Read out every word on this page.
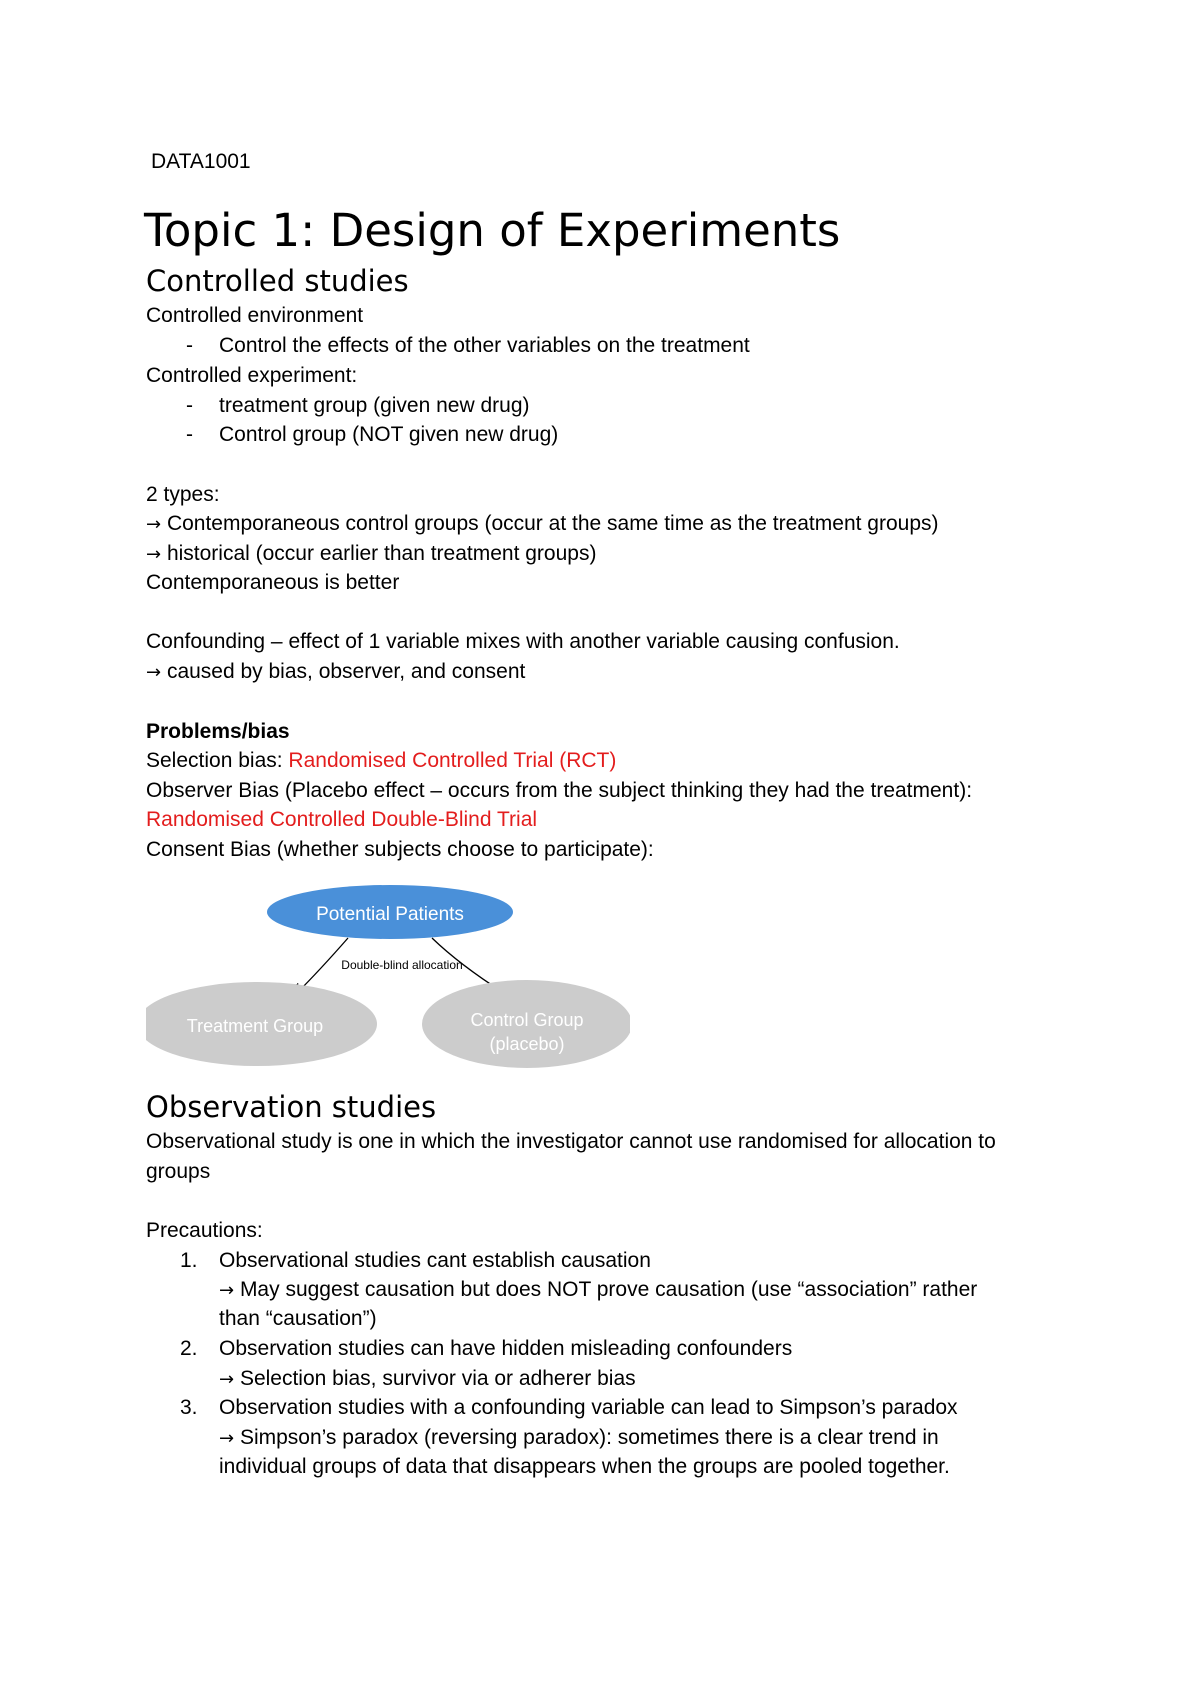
DATA1001
Topic 1: Design of Experiments
Controlled studies
Controlled environment
- Control the effects of the other variables on the treatment
Controlled experiment:
- treatment group (given new drug)
- Control group (NOT given new drug)
2 types:
→ Contemporaneous control groups (occur at the same time as the treatment groups)
→ historical (occur earlier than treatment groups)
Contemporaneous is better
Confounding – effect of 1 variable mixes with another variable causing confusion.
→ caused by bias, observer, and consent
Problems/bias
Selection bias: Randomised Controlled Trial (RCT)
Observer Bias (Placebo effect – occurs from the subject thinking they had the treatment):
Randomised Controlled Double-Blind Trial
Consent Bias (whether subjects choose to participate):
Potential Patients
Double-blind allocation
Treatment Group	Control Group
(placebo)
Observation studies
Observational study is one in which the investigator cannot use randomised for allocation to
groups
Precautions:
1. Observational studies cant establish causation
→ May suggest causation but does NOT prove causation (use “association” rather
than “causation”)
2. Observation studies can have hidden misleading confounders
→ Selection bias, survivor via or adherer bias
3. Observation studies with a confounding variable can lead to Simpson’s paradox
→ Simpson’s paradox (reversing paradox): sometimes there is a clear trend in
individual groups of data that disappears when the groups are pooled together.
